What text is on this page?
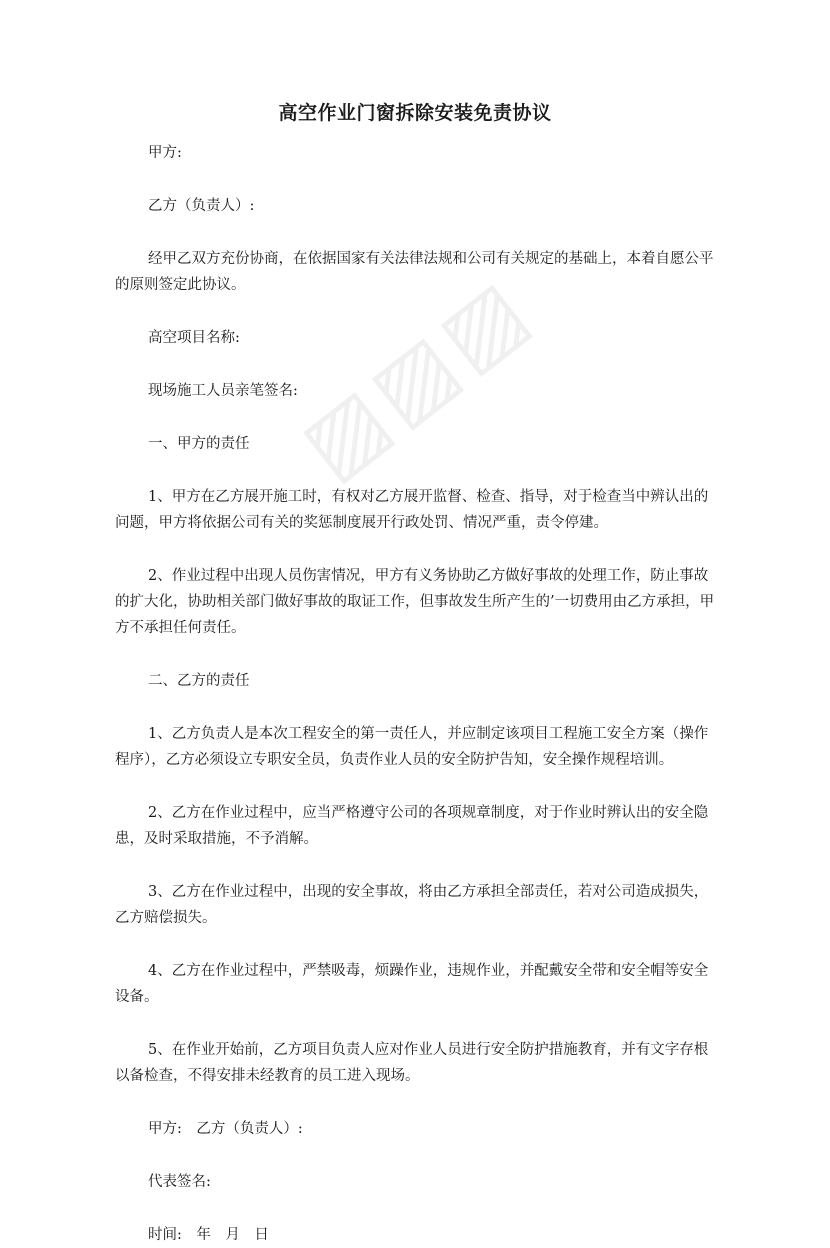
▨▨▨
高空作业门窗拆除安装免责协议

甲方:

乙方（负责人）:

经甲乙双方充份协商，在依据国家有关法律法规和公司有关规定的基础上，本着自愿公平的原则签定此协议。

高空项目名称:

现场施工人员亲笔签名:

一、甲方的责任

1、甲方在乙方展开施工时，有权对乙方展开监督、检查、指导，对于检查当中辨认出的问题，甲方将依据公司有关的奖惩制度展开行政处罚、情况严重，责令停建。

2、作业过程中出现人员伤害情况，甲方有义务协助乙方做好事故的处理工作，防止事故的扩大化，协助相关部门做好事故的取证工作，但事故发生所产生的’一切费用由乙方承担，甲方不承担任何责任。

二、乙方的责任

1、乙方负责人是本次工程安全的第一责任人，并应制定该项目工程施工安全方案（操作程序），乙方必须设立专职安全员，负责作业人员的安全防护告知，安全操作规程培训。

2、乙方在作业过程中，应当严格遵守公司的各项规章制度，对于作业时辨认出的安全隐患，及时采取措施，不予消解。

3、乙方在作业过程中，出现的安全事故，将由乙方承担全部责任，若对公司造成损失，乙方赔偿损失。

4、乙方在作业过程中，严禁吸毒，烦躁作业，违规作业，并配戴安全带和安全帽等安全设备。

5、在作业开始前，乙方项目负责人应对作业人员进行安全防护措施教育，并有文字存根以备检查，不得安排未经教育的员工进入现场。

甲方:　乙方（负责人）:

代表签名:

时间:　年　月　日
